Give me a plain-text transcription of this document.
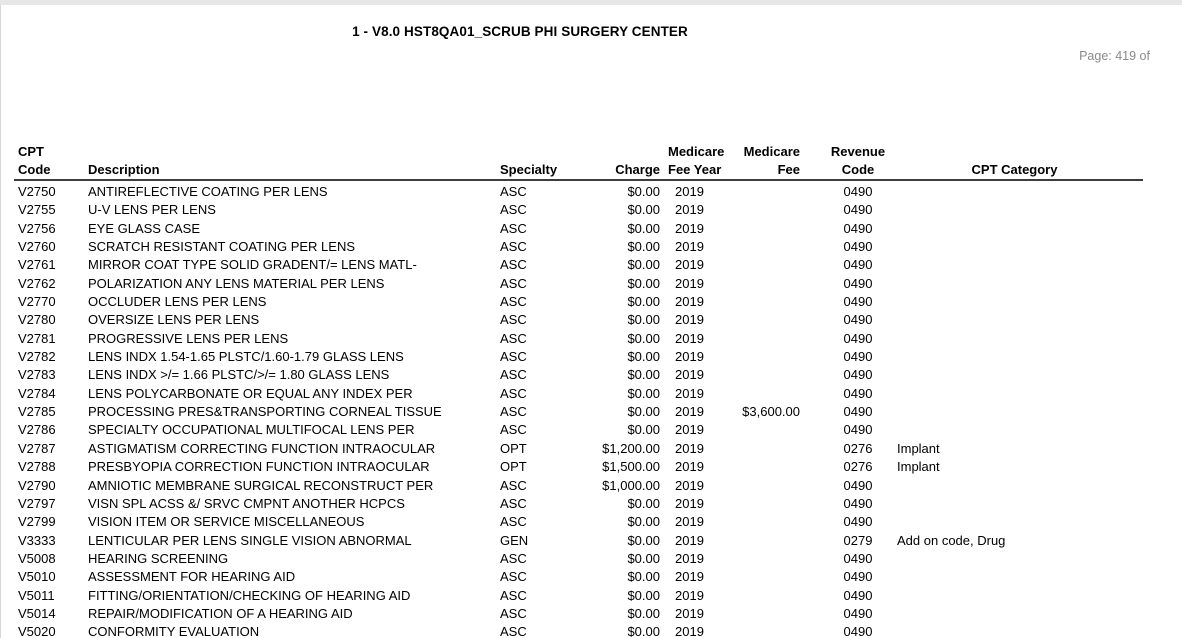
1 - V8.0 HST8QA01_SCRUB PHI SURGERY CENTER
Page: 419 of
CPT				Medicare	Medicare	Revenue	
Code	Description	Specialty	Charge	Fee Year	Fee	Code	CPT Category
V2750	ANTIREFLECTIVE COATING PER LENS	ASC	$0.00	2019		0490	
V2755	U-V LENS PER LENS	ASC	$0.00	2019		0490	
V2756	EYE GLASS CASE	ASC	$0.00	2019		0490	
V2760	SCRATCH RESISTANT COATING PER LENS	ASC	$0.00	2019		0490	
V2761	MIRROR COAT TYPE SOLID GRADENT/= LENS MATL-	ASC	$0.00	2019		0490	
V2762	POLARIZATION ANY LENS MATERIAL PER LENS	ASC	$0.00	2019		0490	
V2770	OCCLUDER LENS PER LENS	ASC	$0.00	2019		0490	
V2780	OVERSIZE LENS PER LENS	ASC	$0.00	2019		0490	
V2781	PROGRESSIVE LENS PER LENS	ASC	$0.00	2019		0490	
V2782	LENS INDX 1.54-1.65 PLSTC/1.60-1.79 GLASS LENS	ASC	$0.00	2019		0490	
V2783	LENS INDX >/= 1.66 PLSTC/>/= 1.80 GLASS LENS	ASC	$0.00	2019		0490	
V2784	LENS POLYCARBONATE OR EQUAL ANY INDEX PER	ASC	$0.00	2019		0490	
V2785	PROCESSING PRES&TRANSPORTING CORNEAL TISSUE	ASC	$0.00	2019	$3,600.00	0490	
V2786	SPECIALTY OCCUPATIONAL MULTIFOCAL LENS PER	ASC	$0.00	2019		0490	
V2787	ASTIGMATISM CORRECTING FUNCTION INTRAOCULAR	OPT	$1,200.00	2019		0276	Implant
V2788	PRESBYOPIA CORRECTION FUNCTION INTRAOCULAR	OPT	$1,500.00	2019		0276	Implant
V2790	AMNIOTIC MEMBRANE SURGICAL RECONSTRUCT PER	ASC	$1,000.00	2019		0490	
V2797	VISN SPL ACSS &/ SRVC CMPNT ANOTHER HCPCS	ASC	$0.00	2019		0490	
V2799	VISION ITEM OR SERVICE MISCELLANEOUS	ASC	$0.00	2019		0490	
V3333	LENTICULAR PER LENS SINGLE VISION ABNORMAL	GEN	$0.00	2019		0279	Add on code, Drug
V5008	HEARING SCREENING	ASC	$0.00	2019		0490	
V5010	ASSESSMENT FOR HEARING AID	ASC	$0.00	2019		0490	
V5011	FITTING/ORIENTATION/CHECKING OF HEARING AID	ASC	$0.00	2019		0490	
V5014	REPAIR/MODIFICATION OF A HEARING AID	ASC	$0.00	2019		0490	
V5020	CONFORMITY EVALUATION	ASC	$0.00	2019		0490	
